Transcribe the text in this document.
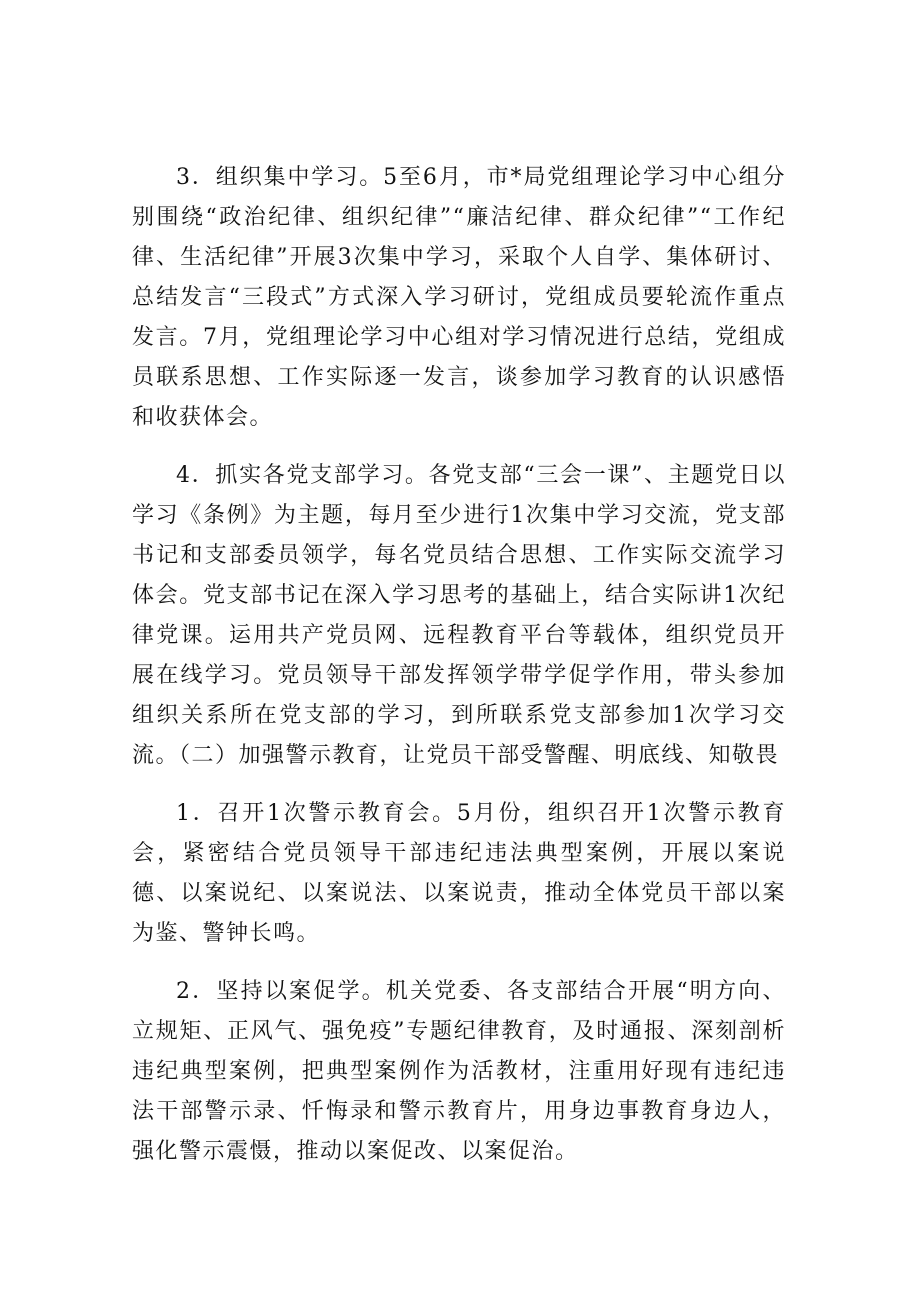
3．组织集中学习。5至6月，市*局党组理论学习中心组分别围绕“政治纪律、组织纪律”“廉洁纪律、群众纪律”“工作纪律、生活纪律”开展3次集中学习，采取个人自学、集体研讨、总结发言“三段式”方式深入学习研讨，党组成员要轮流作重点发言。7月，党组理论学习中心组对学习情况进行总结，党组成员联系思想、工作实际逐一发言，谈参加学习教育的认识感悟和收获体会。

4．抓实各党支部学习。各党支部“三会一课”、主题党日以学习《条例》为主题，每月至少进行1次集中学习交流，党支部书记和支部委员领学，每名党员结合思想、工作实际交流学习体会。党支部书记在深入学习思考的基础上，结合实际讲1次纪律党课。运用共产党员网、远程教育平台等载体，组织党员开展在线学习。党员领导干部发挥领学带学促学作用，带头参加组织关系所在党支部的学习，到所联系党支部参加1次学习交流。（二）加强警示教育，让党员干部受警醒、明底线、知敬畏

1．召开1次警示教育会。5月份，组织召开1次警示教育会，紧密结合党员领导干部违纪违法典型案例，开展以案说德、以案说纪、以案说法、以案说责，推动全体党员干部以案为鉴、警钟长鸣。

2．坚持以案促学。机关党委、各支部结合开展“明方向、立规矩、正风气、强免疫”专题纪律教育，及时通报、深刻剖析违纪典型案例，把典型案例作为活教材，注重用好现有违纪违法干部警示录、忏悔录和警示教育片，用身边事教育身边人，强化警示震慑，推动以案促改、以案促治。
